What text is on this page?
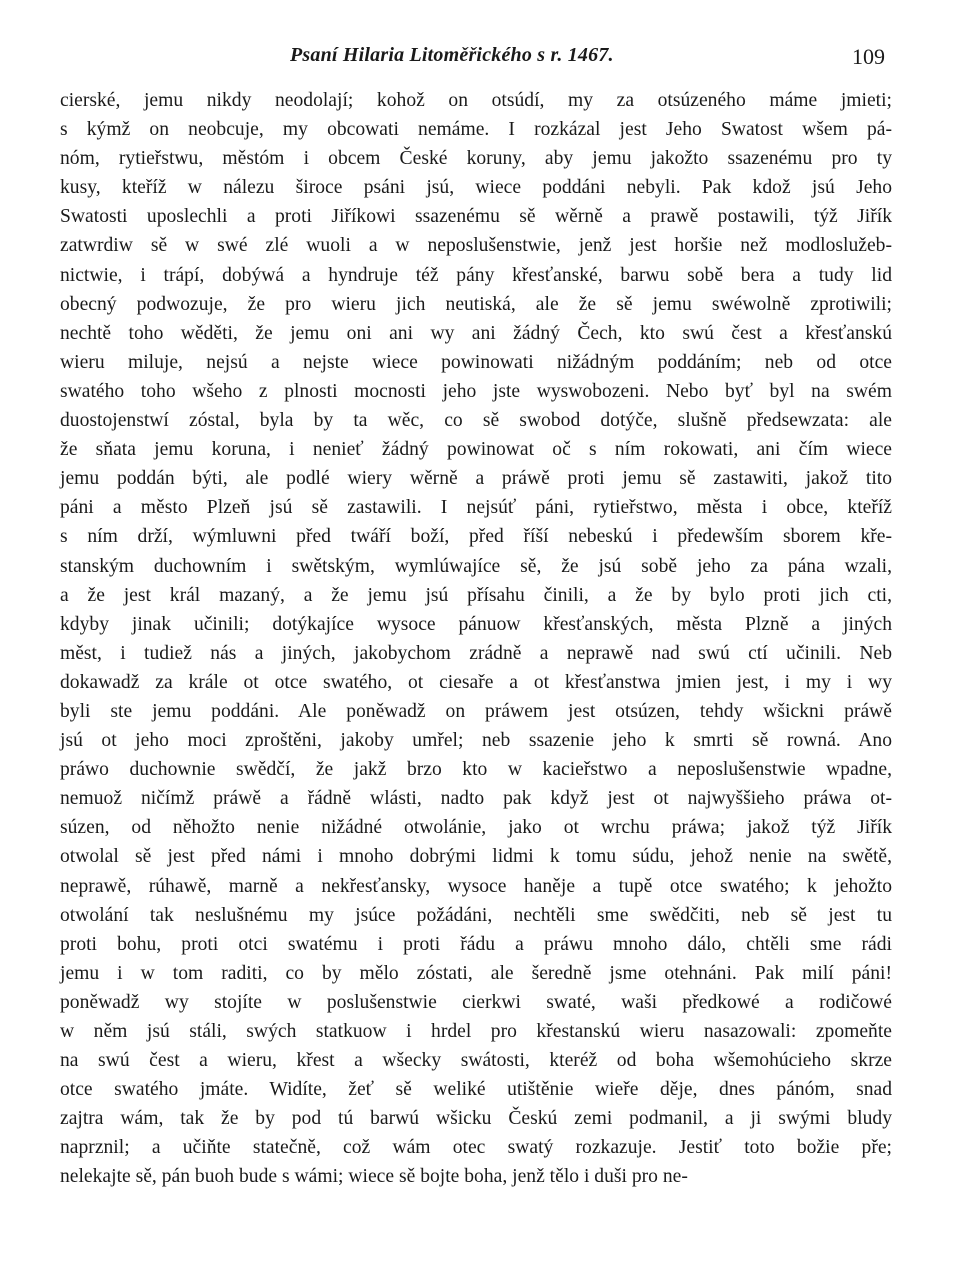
Psaní Hilaria Litoměřického s r. 1467.	109
cierské, jemu nikdy neodolají; kohož on otsúdí, my za otsúzeného máme jmieti;
s kýmž on neobcuje, my obcowati nemáme. I rozkázal jest Jeho Swatost wšem pá-
nóm, rytieřstwu, městóm i obcem České koruny, aby jemu jakožto ssazenému pro ty
kusy, kteříž w nálezu široce psáni jsú, wiece poddáni nebyli. Pak kdož jsú Jeho
Swatosti uposlechli a proti Jiříkowi ssazenému sě wěrně a prawě postawili, týž Jiřík
zatwrdiw sě w swé zlé wuoli a w neposlušenstwie, jenž jest horšie než modloslužeb-
nictwie, i trápí, dobýwá a hyndruje též pány křesťanské, barwu sobě bera a tudy lid
obecný podwozuje, že pro wieru jich neutiská, ale že sě jemu swéwolně zprotiwili;
nechtě toho wěděti, že jemu oni ani wy ani žádný Čech, kto swú čest a křesťanskú
wieru miluje, nejsú a nejste wiece powinowati nižádným poddáním; neb od otce
swatého toho wšeho z plnosti mocnosti jeho jste wyswobozeni. Nebo byť byl na swém
duostojenstwí zóstal, byla by ta wěc, co sě swobod dotýče, slušně předsewzata: ale
že sňata jemu koruna, i nenieť žádný powinowat oč s ním rokowati, ani čím wiece
jemu poddán býti, ale podlé wiery wěrně a práwě proti jemu sě zastawiti, jakož tito
páni a město Plzeň jsú sě zastawili. I nejsúť páni, rytieřstwo, města i obce, kteříž
s ním drží, wýmluwni před twáří boží, před říší nebeskú i předewším sborem kře-
stanským duchowním i swětským, wymlúwajíce sě, že jsú sobě jeho za pána wzali,
a že jest král mazaný, a že jemu jsú přísahu činili, a že by bylo proti jich cti,
kdyby jinak učinili; dotýkajíce wysoce pánuow křesťanských, města Plzně a jiných
měst, i tudiež nás a jiných, jakobychom zrádně a neprawě nad swú ctí učinili. Neb
dokawadž za krále ot otce swatého, ot ciesaře a ot křesťanstwa jmien jest, i my i wy
byli ste jemu poddáni. Ale poněwadž on práwem jest otsúzen, tehdy wšickni práwě
jsú ot jeho moci zproštěni, jakoby umřel; neb ssazenie jeho k smrti sě rowná. Ano
práwo duchownie swědčí, že jakž brzo kto w kacieřstwo a neposlušenstwie wpadne,
nemuož ničímž práwě a řádně wlásti, nadto pak když jest ot najwyššieho práwa ot-
súzen, od něhožto nenie nižádné otwolánie, jako ot wrchu práwa; jakož týž Jiřík
otwolal sě jest před námi i mnoho dobrými lidmi k tomu súdu, jehož nenie na swětě,
neprawě, rúhawě, marně a nekřesťansky, wysoce haněje a tupě otce swatého; k jehožto
otwolání tak neslušnému my jsúce požádáni, nechtěli sme swědčiti, neb sě jest tu
proti bohu, proti otci swatému i proti řádu a práwu mnoho dálo, chtěli sme rádi
jemu i w tom raditi, co by mělo zóstati, ale šeredně jsme otehnáni. Pak milí páni!
poněwadž wy stojíte w poslušenstwie cierkwi swaté, waši předkowé a rodičowé
w něm jsú stáli, swých statkuow i hrdel pro křestanskú wieru nasazowali: zpomeňte
na swú čest a wieru, křest a wšecky swátosti, kteréž od boha wšemohúcieho skrze
otce swatého jmáte. Widíte, žeť sě weliké utištěnie wieře děje, dnes pánóm, snad
zajtra wám, tak že by pod tú barwú wšicku Českú zemi podmanil, a ji swými bludy
naprznil; a učiňte statečně, což wám otec swatý rozkazuje. Jestiť toto božie pře;
nelekajte sě, pán buoh bude s wámi; wiece sě bojte boha, jenž tělo i duši pro ne-
